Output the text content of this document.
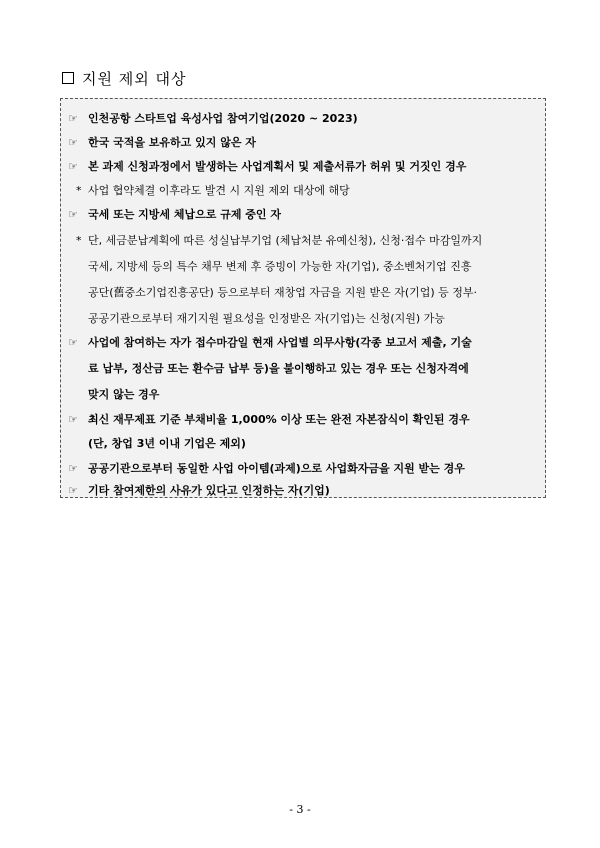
지원 제외 대상
☞ 인천공항 스타트업 육성사업 참여기업(2020 ~ 2023)
☞ 한국 국적을 보유하고 있지 않은 자
☞ 본 과제 신청과정에서 발생하는 사업계획서 및 제출서류가 허위 및 거짓인 경우
* 사업 협약체결 이후라도 발견 시 지원 제외 대상에 해당
☞ 국세 또는 지방세 체납으로 규제 중인 자
* 단, 세금분납계획에 따른 성실납부기업 (체납처분 유예신청), 신청·접수 마감일까지
국세, 지방세 등의 특수 채무 변제 후 증빙이 가능한 자(기업), 중소벤처기업 진흥
공단(舊중소기업진흥공단) 등으로부터 재창업 자금을 지원 받은 자(기업) 등 정부·
공공기관으로부터 재기지원 필요성을 인정받은 자(기업)는 신청(지원) 가능
☞ 사업에 참여하는 자가 접수마감일 현재 사업별 의무사항(각종 보고서 제출, 기술
료 납부, 정산금 또는 환수금 납부 등)을 불이행하고 있는 경우 또는 신청자격에
맞지 않는 경우
☞ 최신 재무제표 기준 부채비율 1,000% 이상 또는 완전 자본잠식이 확인된 경우
(단, 창업 3년 이내 기업은 제외)
☞ 공공기관으로부터 동일한 사업 아이템(과제)으로 사업화자금을 지원 받는 경우
☞ 기타 참여제한의 사유가 있다고 인정하는 자(기업)
- 3 -
